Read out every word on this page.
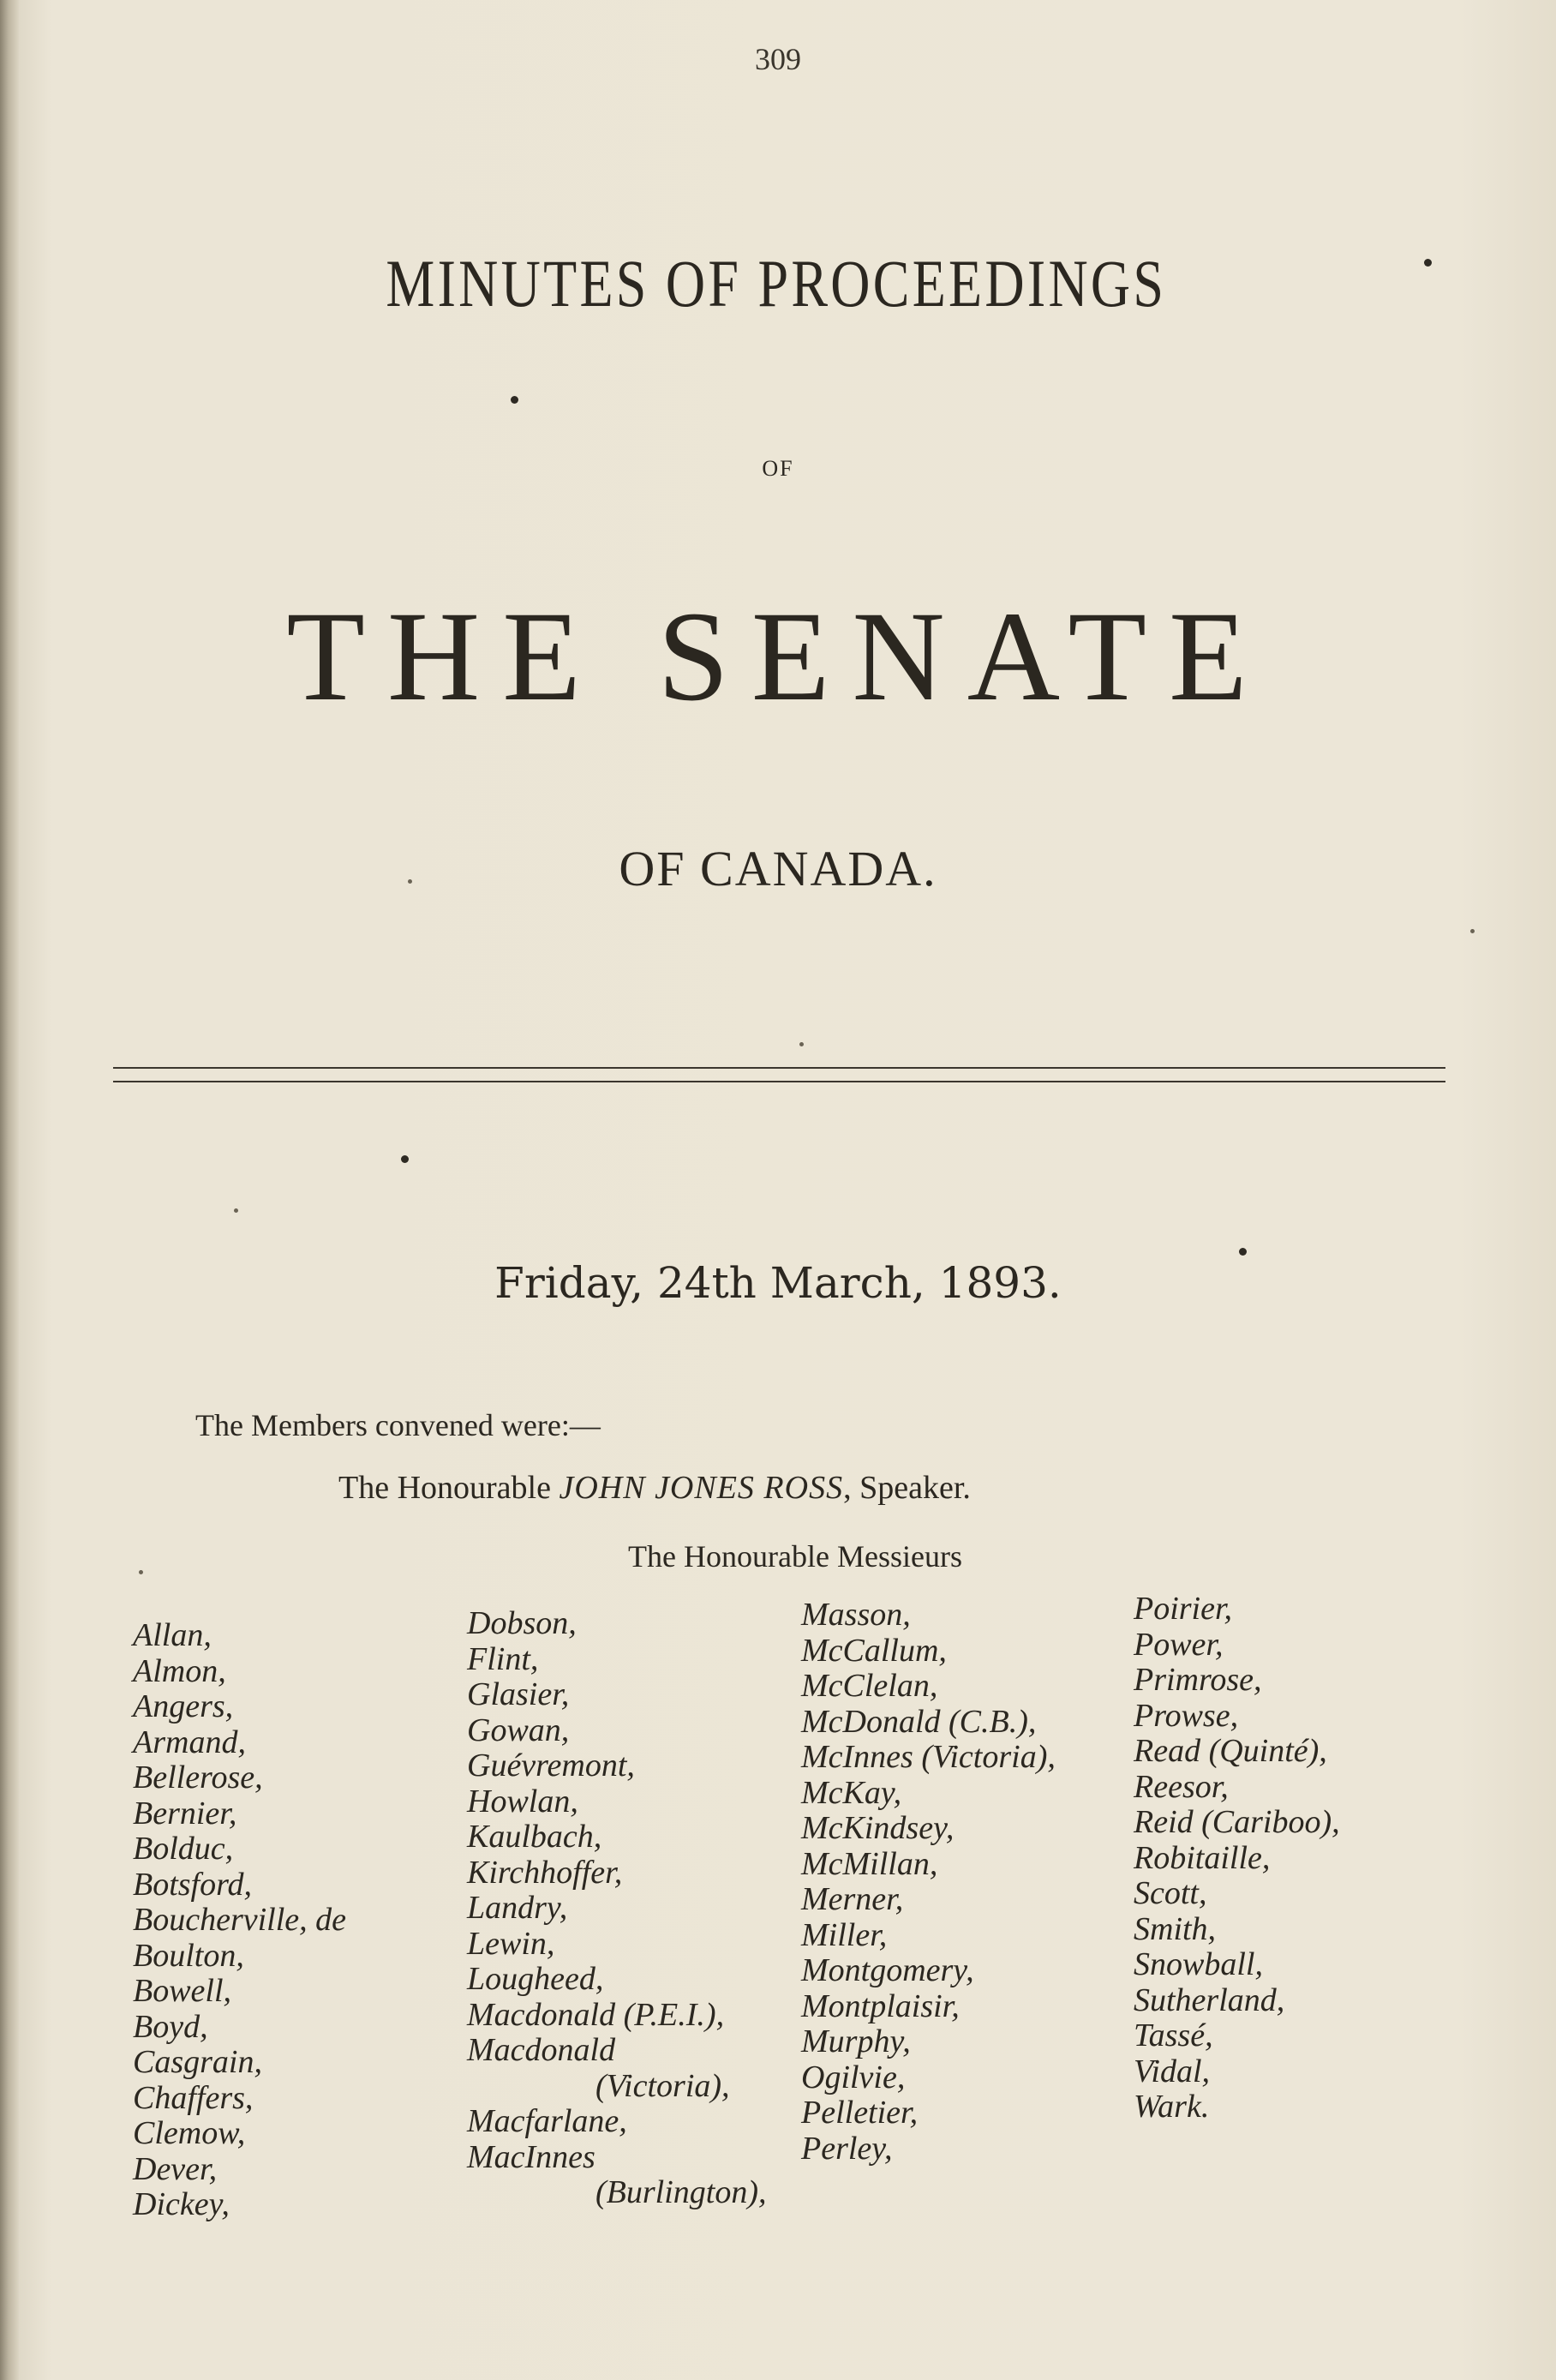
309
MINUTES OF PROCEEDINGS
OF
THE SENATE
OF CANADA.
Friday, 24th March, 1893.
The Members convened were:—
The Honourable JOHN JONES ROSS, Speaker.
The Honourable Messieurs
Allan,
Almon,
Angers,
Armand,
Bellerose,
Bernier,
Bolduc,
Botsford,
Boucherville, de
Boulton,
Bowell,
Boyd,
Casgrain,
Chaffers,
Clemow,
Dever,
Dickey,
Dobson,
Flint,
Glasier,
Gowan,
Guévremont,
Howlan,
Kaulbach,
Kirchhoffer,
Landry,
Lewin,
Lougheed,
Macdonald (P.E.I.),
Macdonald
(Victoria),
Macfarlane,
MacInnes
(Burlington),
Masson,
McCallum,
McClelan,
McDonald (C.B.),
McInnes (Victoria),
McKay,
McKindsey,
McMillan,
Merner,
Miller,
Montgomery,
Montplaisir,
Murphy,
Ogilvie,
Pelletier,
Perley,
Poirier,
Power,
Primrose,
Prowse,
Read (Quinté),
Reesor,
Reid (Cariboo),
Robitaille,
Scott,
Smith,
Snowball,
Sutherland,
Tassé,
Vidal,
Wark.
